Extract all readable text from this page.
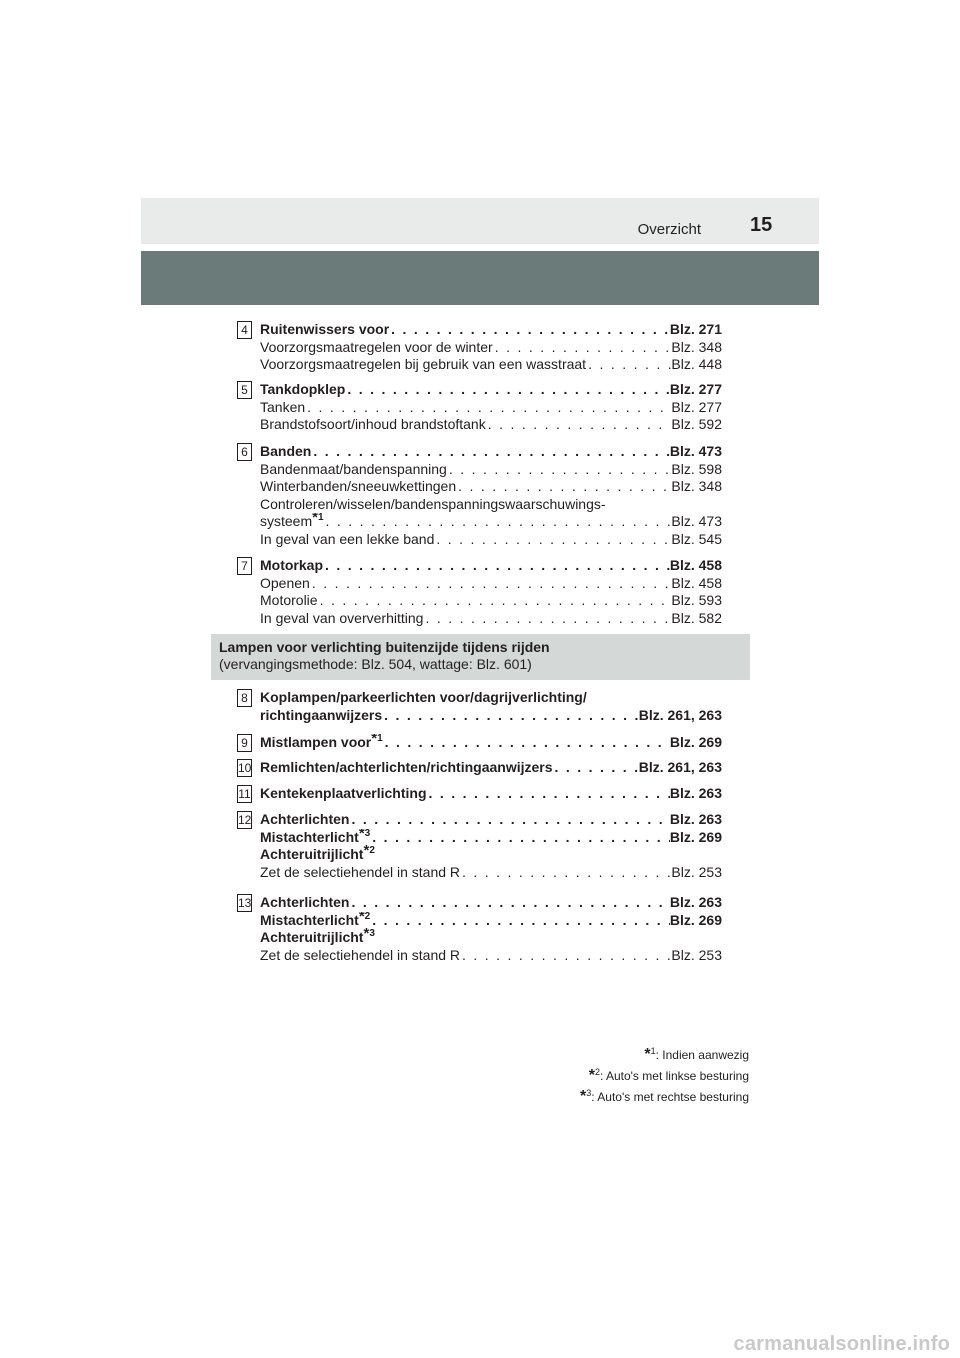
Overzicht 15
4 Ruitenwissers voor . . .	Blz. 271
Voorzorgsmaatregelen voor de winter . . .	Blz. 348
Voorzorgsmaatregelen bij gebruik van een wasstraat . . .	Blz. 448
5 Tankdopklep . . .	Blz. 277
Tanken . . .	Blz. 277
Brandstofsoort/inhoud brandstoftank . . .	Blz. 592
6 Banden . . .	Blz. 473
Bandenmaat/bandenspanning . . .	Blz. 598
Winterbanden/sneeuwkettingen . . .	Blz. 348
Controleren/wisselen/bandenspanningswaarschuwings-
systeem$^{*1}$ . . .	Blz. 473
In geval van een lekke band . . .	Blz. 545
7 Motorkap . . .	Blz. 458
Openen . . .	Blz. 458
Motorolie . . .	Blz. 593
In geval van oververhitting . . .	Blz. 582
Lampen voor verlichting buitenzijde tijdens rijden
(vervangingsmethode: Blz. 504, wattage: Blz. 601)
8 Koplampen/parkeerlichten voor/dagrijverlichting/
richtingaanwijzers . . .	Blz. 261, 263
9 Mistlampen voor$^{*1}$ . . .	Blz. 269
10 Remlichten/achterlichten/richtingaanwijzers . . .	Blz. 261, 263
11 Kentekenplaatverlichting . . .	Blz. 263
12 Achterlichten . . .	Blz. 263
Mistachterlicht$^{*3}$ . . .	Blz. 269
Achteruitrijlicht$^{*2}$
Zet de selectiehendel in stand R . . .	Blz. 253
13 Achterlichten . . .	Blz. 263
Mistachterlicht$^{*2}$ . . .	Blz. 269
Achteruitrijlicht$^{*3}$
Zet de selectiehendel in stand R . . .	Blz. 253
*$^1$: Indien aanwezig
*$^2$: Auto's met linkse besturing
*$^3$: Auto's met rechtse besturing
carmanualsonline.info
